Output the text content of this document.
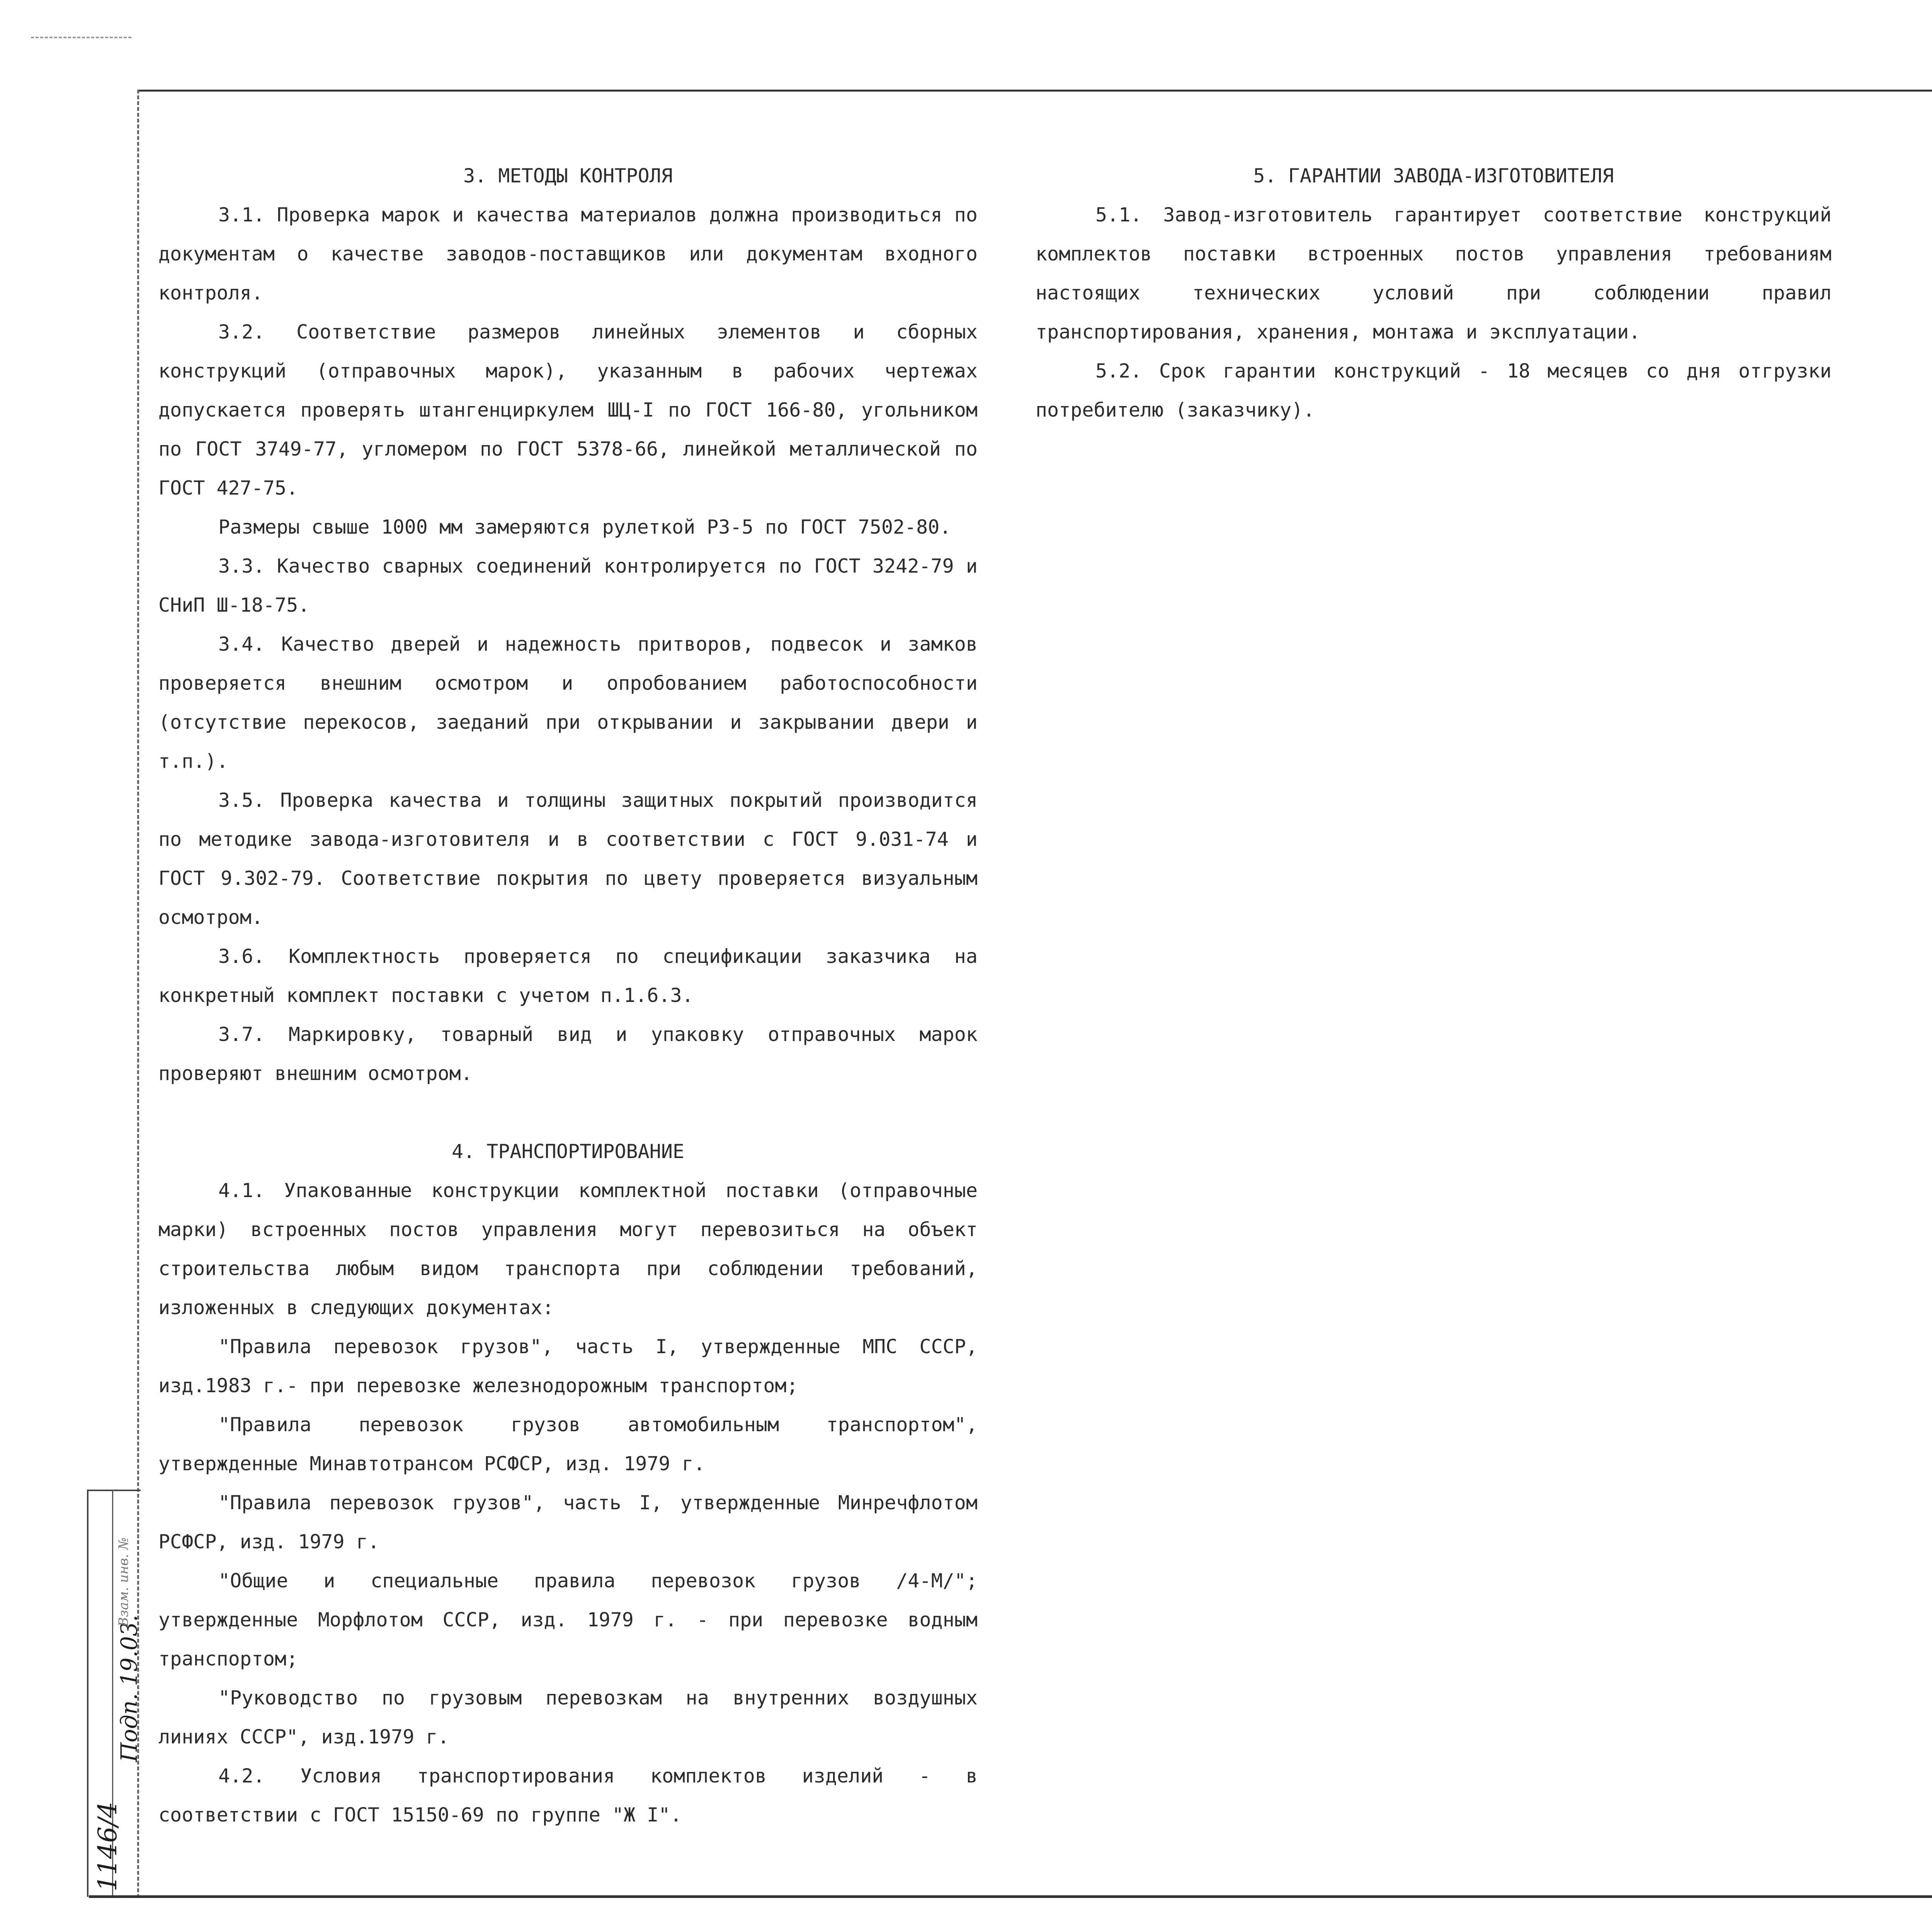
3. МЕТОДЫ КОНТРОЛЯ

3.1. Проверка марок и качества материалов должна производиться по документам о качестве заводов-поставщиков или документам входного контроля.

3.2. Соответствие размеров линейных элементов и сборных конструкций (отправочных марок), указанным в рабочих чертежах допускается проверять штангенциркулем ШЦ-I по ГОСТ 166-80, угольником по ГОСТ 3749-77, угломером по ГОСТ 5378-66, линейкой металлической по ГОСТ 427-75.

Размеры свыше 1000 мм замеряются рулеткой РЗ-5 по ГОСТ 7502-80.

3.3. Качество сварных соединений контролируется по ГОСТ 3242-79 и СНиП Ш-18-75.

3.4. Качество дверей и надежность притворов, подвесок и замков проверяется внешним осмотром и опробованием работоспособности (отсутствие перекосов, заеданий при открывании и закрывании двери и т.п.).

3.5. Проверка качества и толщины защитных покрытий производится по методике завода-изготовителя и в соответствии с ГОСТ 9.031-74 и ГОСТ 9.302-79. Соответствие покрытия по цвету проверяется визуальным осмотром.

3.6. Комплектность проверяется по спецификации заказчика на конкретный комплект поставки с учетом п.1.6.3.

3.7. Маркировку, товарный вид и упаковку отправочных марок проверяют внешним осмотром.

4. ТРАНСПОРТИРОВАНИЕ

4.1. Упакованные конструкции комплектной поставки (отправочные марки) встроенных постов управления могут перевозиться на объект строительства любым видом транспорта при соблюдении требований, изложенных в следующих документах:

"Правила перевозок грузов", часть I, утвержденные МПС СССР, изд.1983 г.- при перевозке железнодорожным транспортом;

"Правила перевозок грузов автомобильным транспортом", утвержденные Минавтотрансом РСФСР, изд. 1979 г.

"Правила перевозок грузов", часть I, утвержденные Минречфлотом РСФСР, изд. 1979 г.

"Общие и специальные правила перевозок грузов /4-М/"; утвержденные Морфлотом СССР, изд. 1979 г. - при перевозке водным транспортом;

"Руководство по грузовым перевозкам на внутренних воздушных линиях СССР", изд.1979 г.

4.2. Условия транспортирования комплектов изделий - в соответствии с ГОСТ 15150-69 по группе "Ж I".

5. ГАРАНТИИ ЗАВОДА-ИЗГОТОВИТЕЛЯ

5.1. Завод-изготовитель гарантирует соответствие конструкций комплектов поставки встроенных постов управления требованиям настоящих технических условий при соблюдении правил транспортирования, хранения, монтажа и эксплуатации.

5.2. Срок гарантии конструкций - 18 месяцев со дня отгрузки потребителю (заказчику).

1146/4
Подп. 19.03.
Взам. инв. №
